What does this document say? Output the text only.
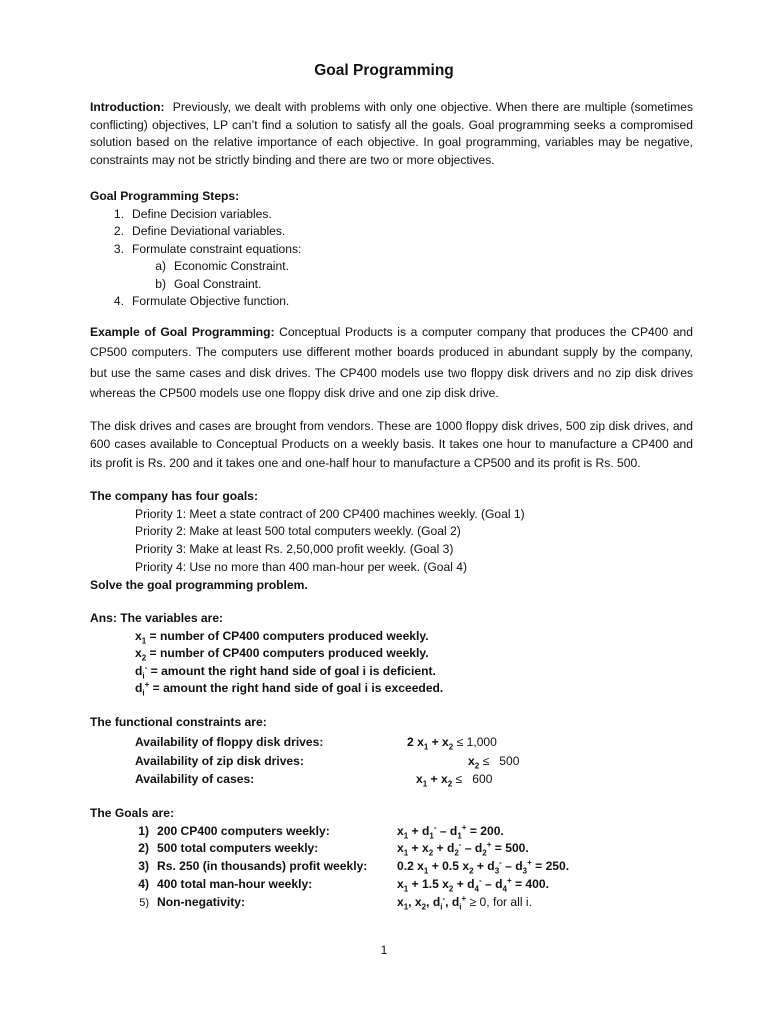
Goal Programming

Introduction: Previously, we dealt with problems with only one objective. When there are multiple (sometimes conflicting) objectives, LP can’t find a solution to satisfy all the goals. Goal programming seeks a compromised solution based on the relative importance of each objective. In goal programming, variables may be negative, constraints may not be strictly binding and there are two or more objectives.

Goal Programming Steps:
1. Define Decision variables.
2. Define Deviational variables.
3. Formulate constraint equations:
a) Economic Constraint.
b) Goal Constraint.
4. Formulate Objective function.

Example of Goal Programming: Conceptual Products is a computer company that produces the CP400 and CP500 computers. The computers use different mother boards produced in abundant supply by the company, but use the same cases and disk drives. The CP400 models use two floppy disk drivers and no zip disk drives whereas the CP500 models use one floppy disk drive and one zip disk drive.

The disk drives and cases are brought from vendors. These are 1000 floppy disk drives, 500 zip disk drives, and 600 cases available to Conceptual Products on a weekly basis. It takes one hour to manufacture a CP400 and its profit is Rs. 200 and it takes one and one-half hour to manufacture a CP500 and its profit is Rs. 500.

The company has four goals:
Priority 1: Meet a state contract of 200 CP400 machines weekly. (Goal 1)
Priority 2: Make at least 500 total computers weekly. (Goal 2)
Priority 3: Make at least Rs. 2,50,000 profit weekly. (Goal 3)
Priority 4: Use no more than 400 man-hour per week. (Goal 4)
Solve the goal programming problem.
Ans: The variables are:
$x_1$ = number of CP400 computers produced weekly.
$x_2$ = number of CP400 computers produced weekly.
$d_i^-$ = amount the right hand side of goal i is deficient.
$d_i^+$ = amount the right hand side of goal i is exceeded.
The functional constraints are:
Availability of floppy disk drives:	2 $x_1 + x_2 \le 1,000$
Availability of zip disk drives:	$x_2 \le 500$
Availability of cases:	$x_1 + x_2 \le 600$
The Goals are:
1) 200 CP400 computers weekly:	$x_1 + d_1^- - d_1^+ = 200$.
2) 500 total computers weekly:	$x_1 + x_2 + d_2^- - d_2^+ = 500$.
3) Rs. 250 (in thousands) profit weekly: 0.2 $x_1 + 0.5$ $x_2 + d_3^- - d_3^+ = 250$.
4) 400 total man-hour weekly:	$x_1 + 1.5$ $x_2 + d_4^- - d_4^+ = 400$.
5) Non-negativity:	$x_1$, $x_2$, $d_i^-$, $d_i^+ \ge 0$, for all i.
1
